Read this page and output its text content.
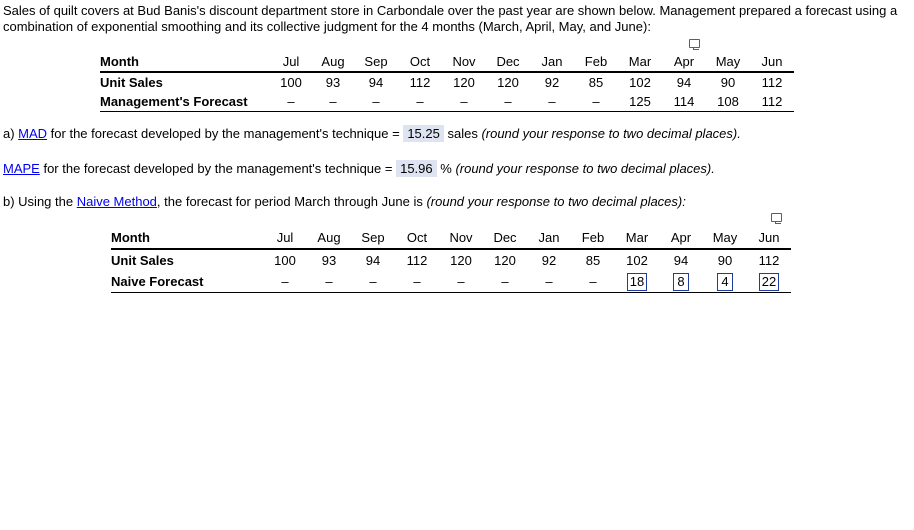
Sales of quilt covers at Bud Banis's discount department store in Carbondale over the past year are shown below. Management prepared a forecast using a combination of exponential smoothing and its collective judgment for the 4 months (March, April, May, and June):
Month	Jul	Aug	Sep	Oct	Nov	Dec	Jan	Feb	Mar	Apr	May	Jun
Unit Sales	100	93	94	112	120	120	92	85	102	94	90	112
Management's Forecast	–	–	–	–	–	–	–	–	125	114	108	112
a) MAD for the forecast developed by the management's technique = 15.25 sales (round your response to two decimal places).
MAPE for the forecast developed by the management's technique = 15.96 % (round your response to two decimal places).
b) Using the Naive Method, the forecast for period March through June is (round your response to two decimal places):
Month	Jul	Aug	Sep	Oct	Nov	Dec	Jan	Feb	Mar	Apr	May	Jun
Unit Sales	100	93	94	112	120	120	92	85	102	94	90	112
Naive Forecast	–	–	–	–	–	–	–	–	18	8	4	22
